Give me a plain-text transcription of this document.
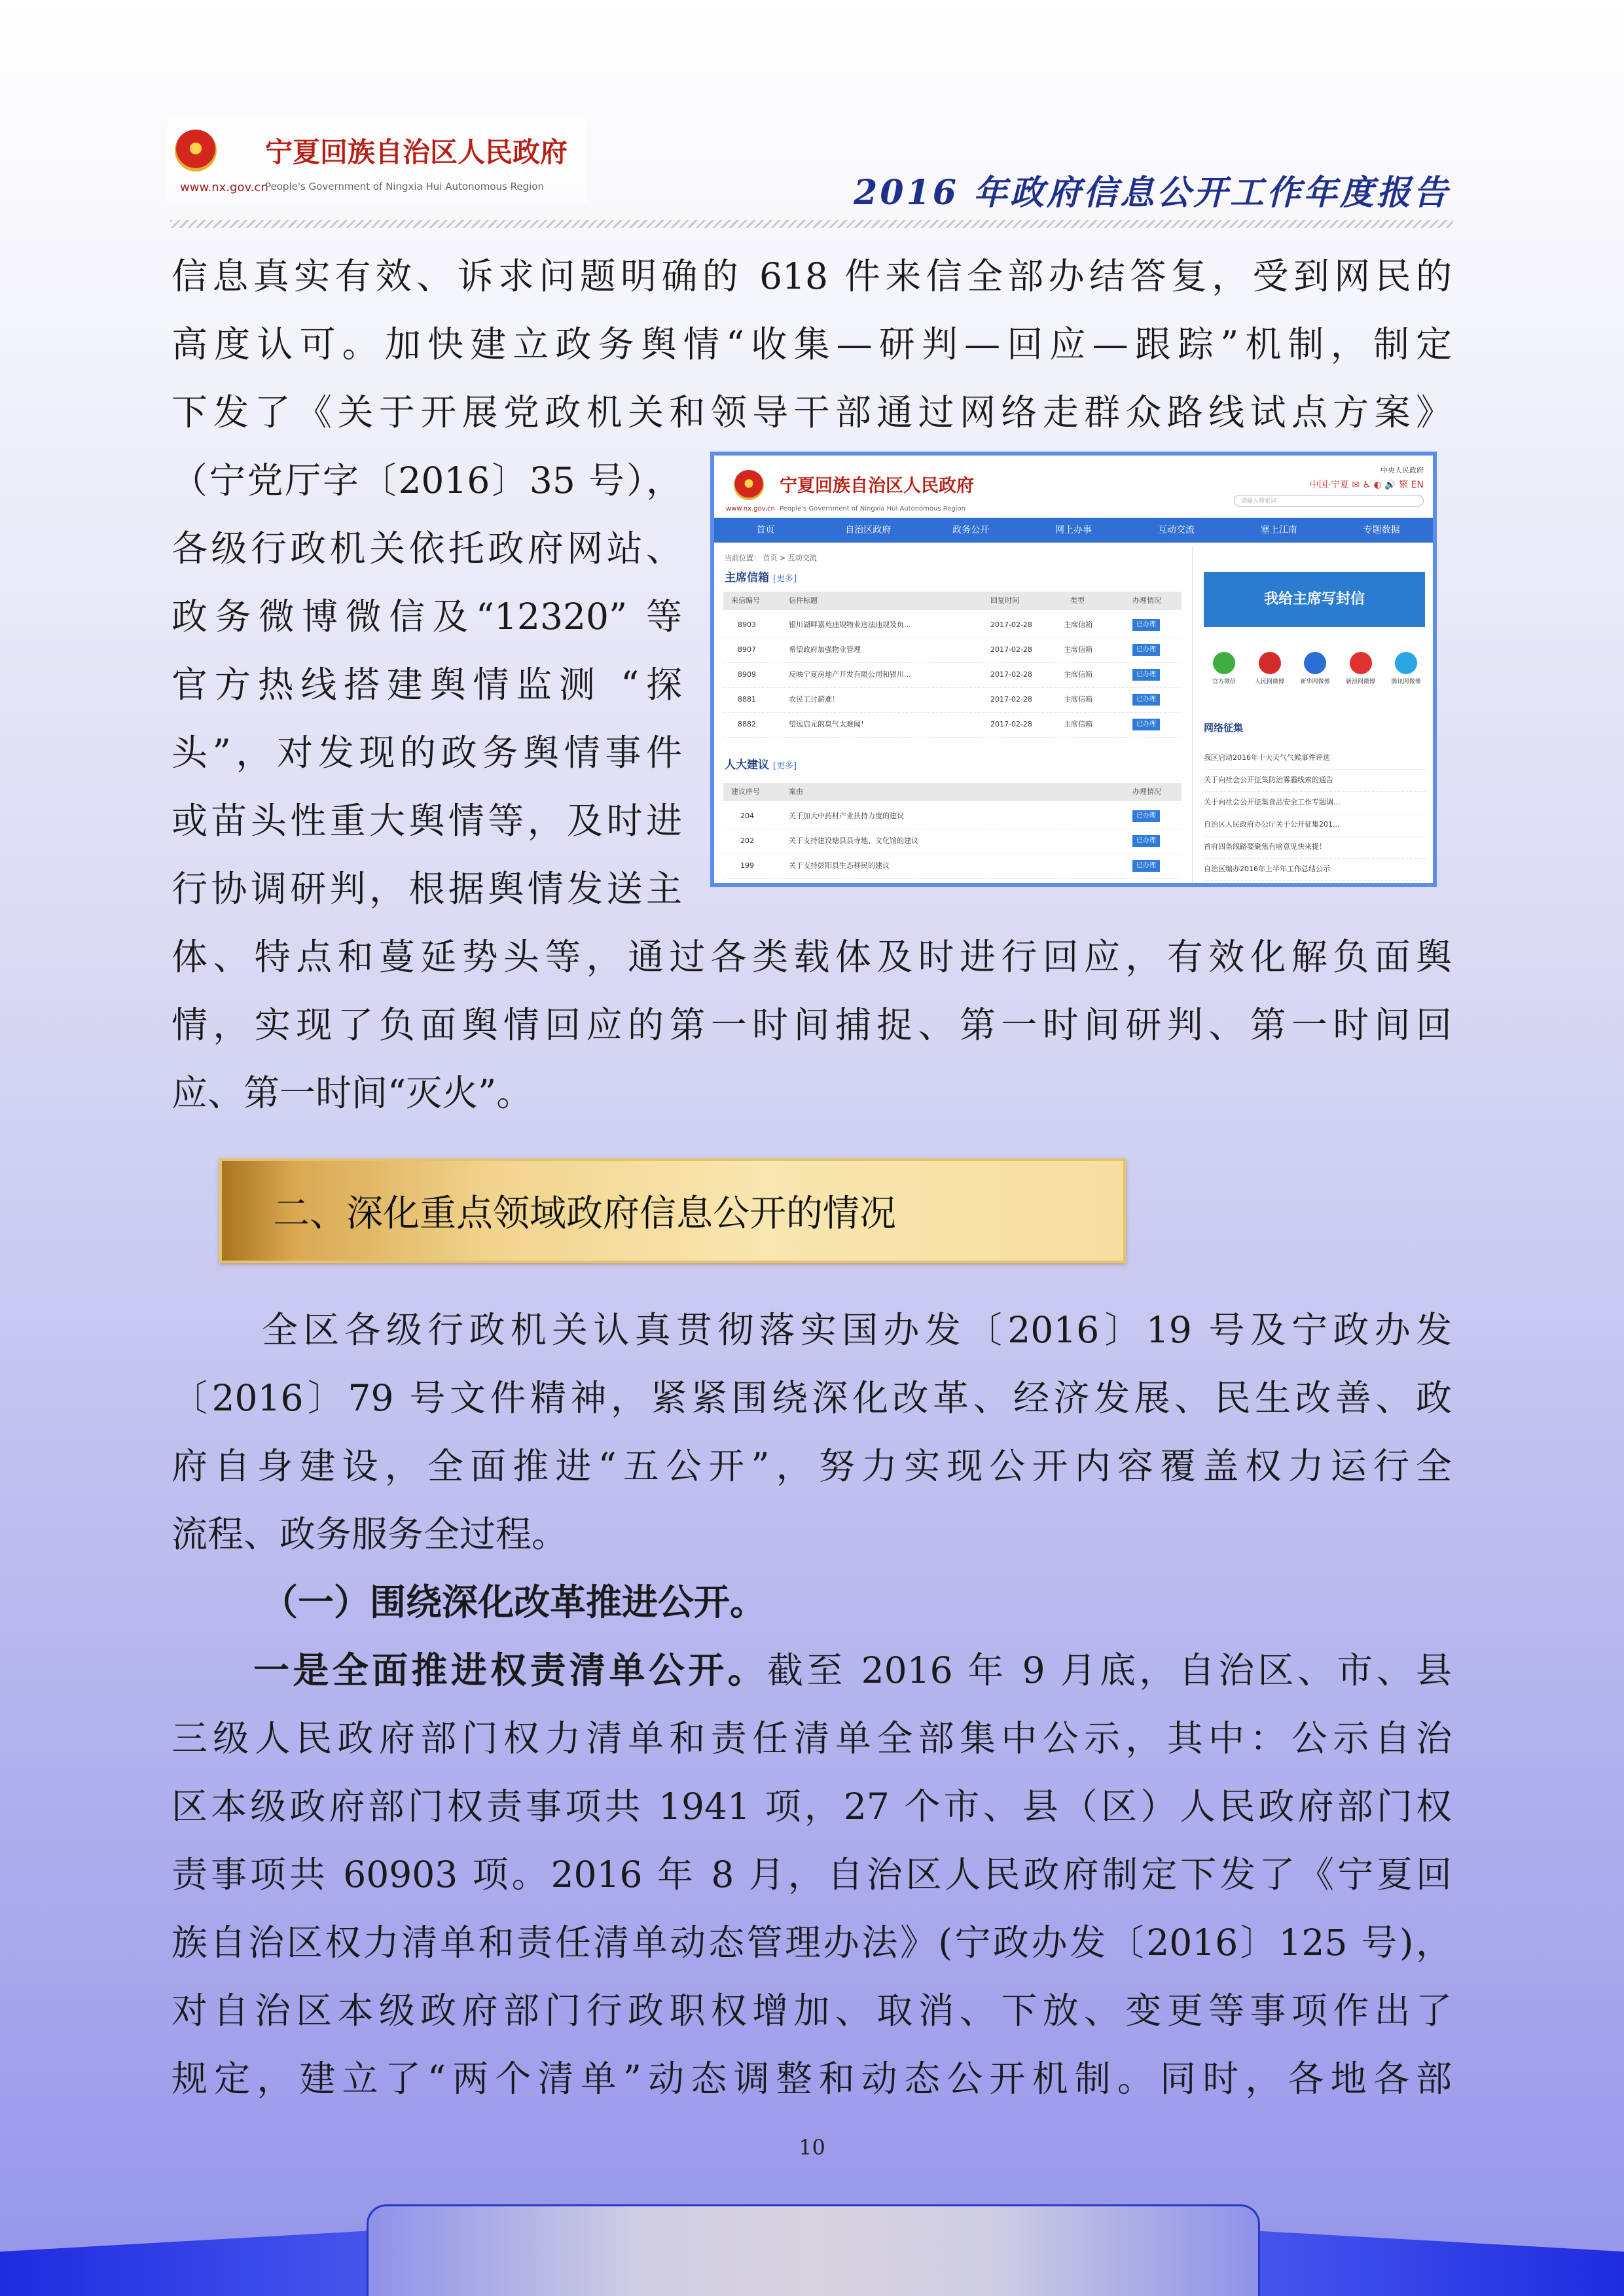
宁夏回族自治区人民政府
www.nx.gov.cn
People's Government of Ningxia Hui Autonomous Region	2016 年政府信息公开工作年度报告
信息真实有效、诉求问题明确的 618 件来信全部办结答复，受到网民的
高度认可。加快建立政务舆情“收集—研判—回应—跟踪”机制，制定
下发了《关于开展党政机关和领导干部通过网络走群众路线试点方案》
（宁党厅字〔2016〕35 号），
各级行政机关依托政府网站、
政务微博微信及“12320” 等
官方热线搭建舆情监测 “探
头”，对发现的政务舆情事件
或苗头性重大舆情等，及时进
行协调研判，根据舆情发送主
体、特点和蔓延势头等，通过各类载体及时进行回应，有效化解负面舆
情，实现了负面舆情回应的第一时间捕捉、第一时间研判、第一时间回
应、第一时间“灭火”。
宁夏回族自治区人民政府
www.nx.gov.cn People's Government of Ningxia Hui Autonomous Region
中央人民政府
中国·宁夏 ✉ ♿ ◐ 🔊 繁 EN
请输入搜索词
首页	自治区政府	政务公开	网上办事	互动交流	塞上江南	专题数据
当前位置： 首页 > 互动交流
主席信箱 [更多]
来信编号	信件标题	回复时间	类型	办理情况
8903	银川湖畔嘉苑违规物业违法违规及负...	2017-02-28	主席信箱	已办理
8907	希望政府加强物业管理	2017-02-28	主席信箱	已办理
8909	反映宁夏房地产开发有限公司和银川...	2017-02-28	主席信箱	已办理
8881	农民工讨薪难！	2017-02-28	主席信箱	已办理
8882	望远启元的臭气太难闻！	2017-02-28	主席信箱	已办理
人大建议 [更多]
建议序号	案由	办理情况
204	关于加大中药材产业扶持力度的建议	已办理
202	关于支持建设塘县县寺地、文化馆的建议	已办理
199	关于支持彭阳县生态移民的建议	已办理
我给主席写封信
官方微信	人民网微博	新华网微博	新浪网微博	腾讯网微博
网络征集
我区启动2016年十大天气气候事件评选
关于向社会公开征集防治雾霾线索的通告
关于向社会公开征集食品安全工作专题调...
自治区人民政府办公厅关于公开征集201...
首府四条线路要聚焦有啥意见快来提！
自治区编办2016年上半年工作总结公示
二、深化重点领域政府信息公开的情况
全区各级行政机关认真贯彻落实国办发〔2016〕19 号及宁政办发
〔2016〕79 号文件精神，紧紧围绕深化改革、经济发展、民生改善、政
府自身建设，全面推进“五公开”，努力实现公开内容覆盖权力运行全
流程、政务服务全过程。
（一）围绕深化改革推进公开。
一是全面推进权责清单公开。截至 2016 年 9 月底，自治区、市、县
三级人民政府部门权力清单和责任清单全部集中公示，其中：公示自治
区本级政府部门权责事项共 1941 项，27 个市、县（区）人民政府部门权
责事项共 60903 项。2016 年 8 月，自治区人民政府制定下发了《宁夏回
族自治区权力清单和责任清单动态管理办法》(宁政办发〔2016〕125 号)，
对自治区本级政府部门行政职权增加、取消、下放、变更等事项作出了
规定，建立了“两个清单”动态调整和动态公开机制。同时，各地各部
10
